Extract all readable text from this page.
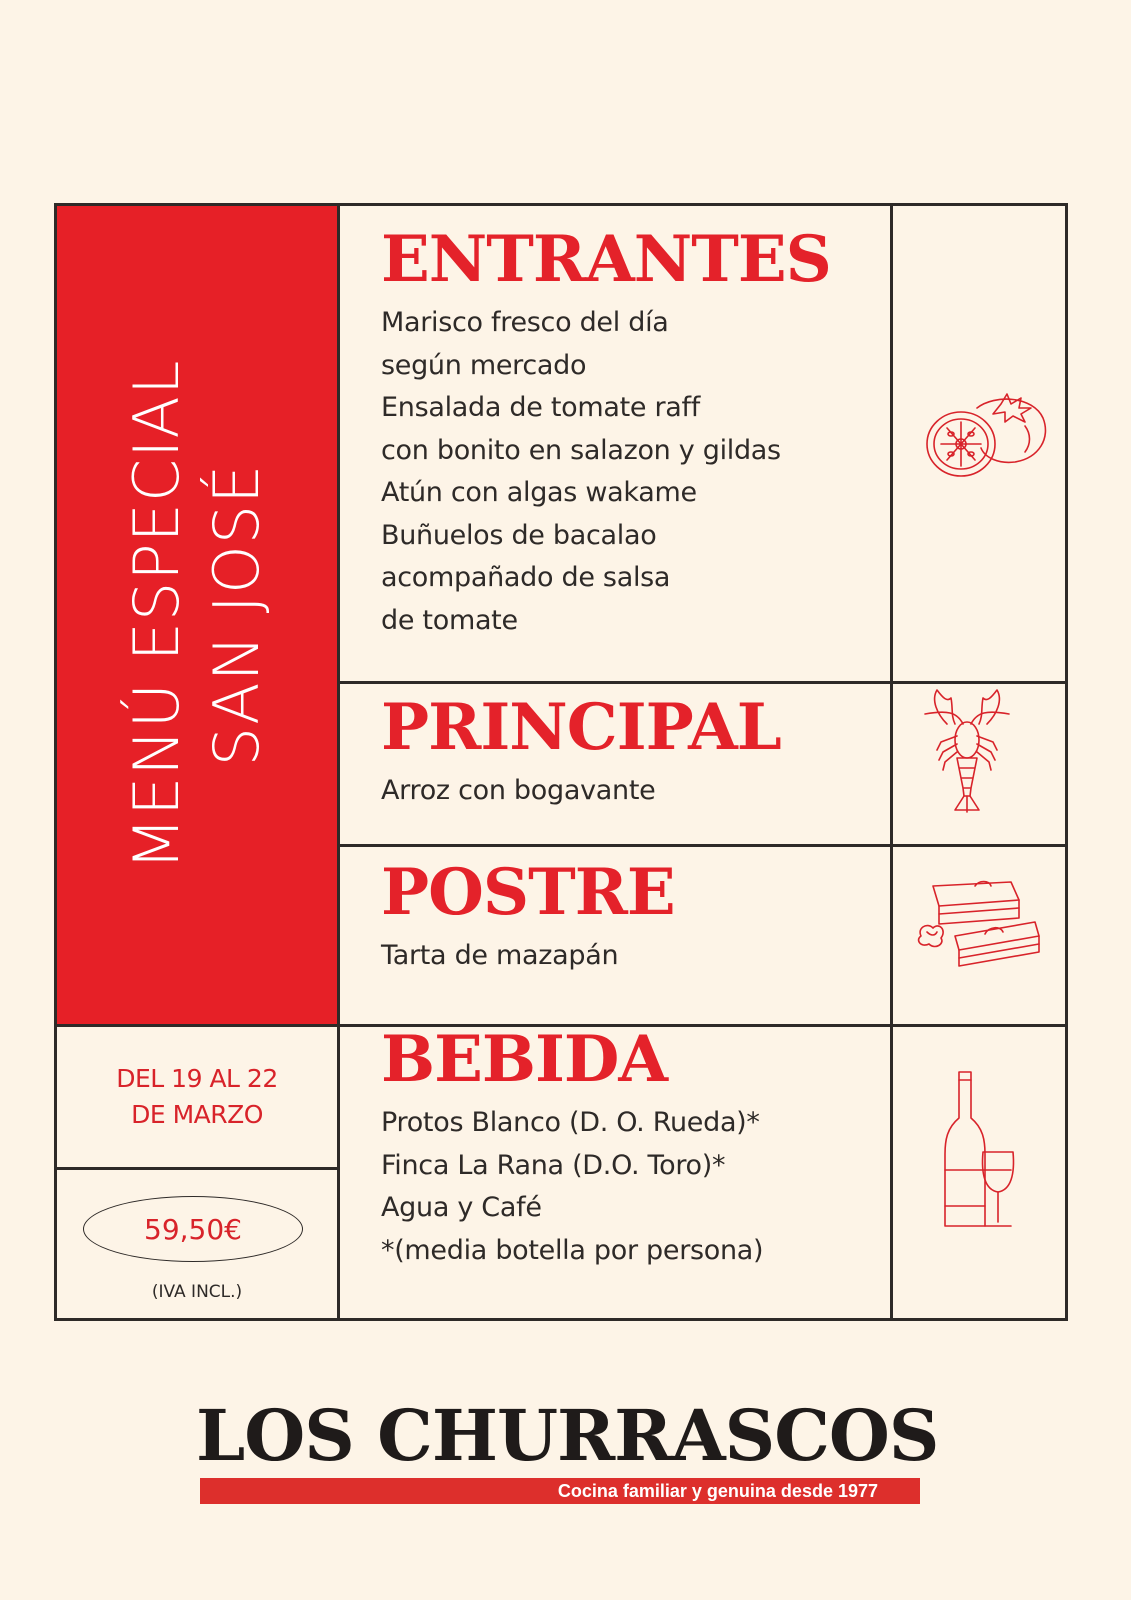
MENÚ ESPECIAL SAN JOSÉ
DEL 19 AL 22
DE MARZO
59,50€
(IVA INCL.)
ENTRANTES
Marisco fresco del día
según mercado
Ensalada de tomate raff
con bonito en salazon y gildas
Atún con algas wakame
Buñuelos de bacalao
acompañado de salsa
de tomate
PRINCIPAL
Arroz con bogavante
POSTRE
Tarta de mazapán
BEBIDA
Protos Blanco (D. O. Rueda)*
Finca La Rana (D.O. Toro)*
Agua y Café
*(media botella por persona)
LOS CHURRASCOS
Cocina familiar y genuina desde 1977
